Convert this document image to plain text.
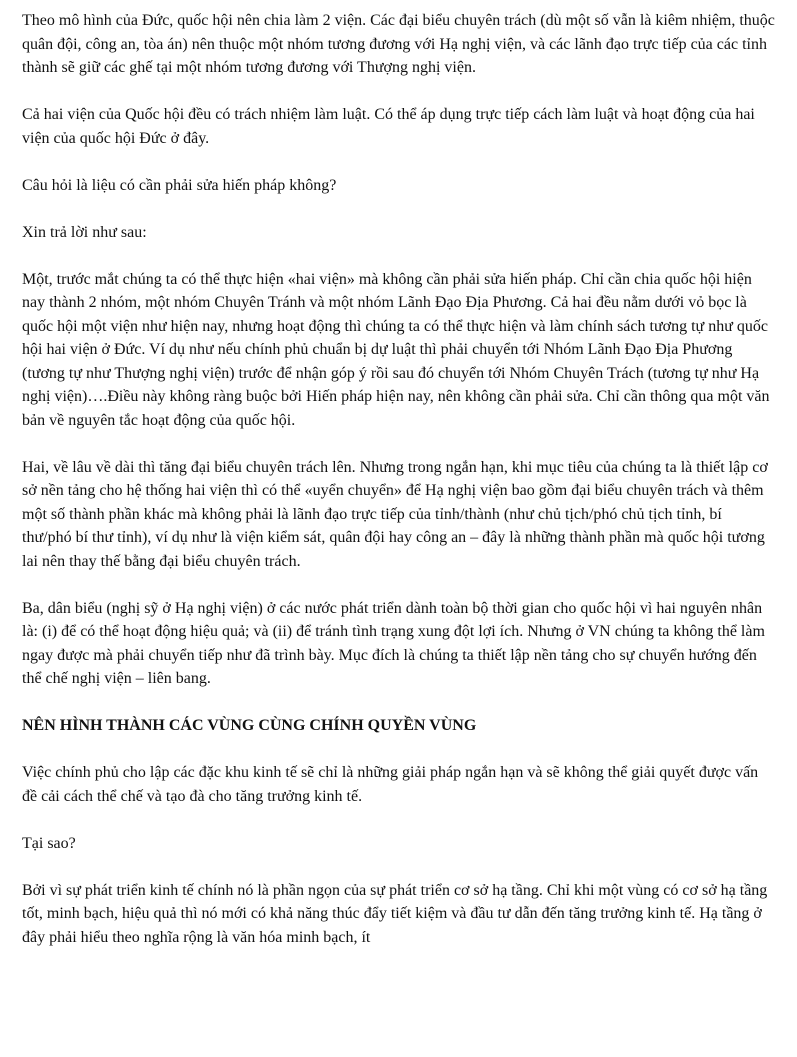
Theo mô hình của Đức, quốc hội nên chia làm 2 viện. Các đại biểu chuyên trách (dù một số vẫn là kiêm nhiệm, thuộc quân đội, công an, tòa án) nên thuộc một nhóm tương đương với Hạ nghị viện, và các lãnh đạo trực tiếp của các tỉnh thành sẽ giữ các ghế tại một nhóm tương đương với Thượng nghị viện.

Cả hai viện của Quốc hội đều có trách nhiệm làm luật. Có thể áp dụng trực tiếp cách làm luật và hoạt động của hai viện của quốc hội Đức ở đây.

Câu hỏi là liệu có cần phải sửa hiến pháp không?

Xin trả lời như sau:

Một, trước mắt chúng ta có thể thực hiện «hai viện» mà không cần phải sửa hiến pháp. Chỉ cần chia quốc hội hiện nay thành 2 nhóm, một nhóm Chuyên Tránh và một nhóm Lãnh Đạo Địa Phương. Cả hai đều nằm dưới vỏ bọc là quốc hội một viện như hiện nay, nhưng hoạt động thì chúng ta có thể thực hiện và làm chính sách tương tự như quốc hội hai viện ở Đức. Ví dụ như nếu chính phủ chuẩn bị dự luật thì phải chuyển tới Nhóm Lãnh Đạo Địa Phương (tương tự như Thượng nghị viện) trước để nhận góp ý rồi sau đó chuyển tới Nhóm Chuyên Trách (tương tự như Hạ nghị viện)….Điều này không ràng buộc bởi Hiến pháp hiện nay, nên không cần phải sửa. Chỉ cần thông qua một văn bản về nguyên tắc hoạt động của quốc hội.

Hai, về lâu về dài thì tăng đại biểu chuyên trách lên. Nhưng trong ngắn hạn, khi mục tiêu của chúng ta là thiết lập cơ sở nền tảng cho hệ thống hai viện thì có thể «uyển chuyển» để Hạ nghị viện bao gồm đại biểu chuyên trách và thêm một số thành phần khác mà không phải là lãnh đạo trực tiếp của tỉnh/thành (như chủ tịch/phó chủ tịch tỉnh, bí thư/phó bí thư tỉnh), ví dụ như là viện kiểm sát, quân đội hay công an – đây là những thành phần mà quốc hội tương lai nên thay thế bằng đại biểu chuyên trách.

Ba, dân biểu (nghị sỹ ở Hạ nghị viện) ở các nước phát triển dành toàn bộ thời gian cho quốc hội vì hai nguyên nhân là: (i) để có thể hoạt động hiệu quả; và (ii) để tránh tình trạng xung đột lợi ích. Nhưng ở VN chúng ta không thể làm ngay được mà phải chuyển tiếp như đã trình bày. Mục đích là chúng ta thiết lập nền tảng cho sự chuyển hướng đến thể chế nghị viện – liên bang.

NÊN HÌNH THÀNH CÁC VÙNG CÙNG CHÍNH QUYỀN VÙNG

Việc chính phủ cho lập các đặc khu kinh tế sẽ chỉ là những giải pháp ngắn hạn và sẽ không thể giải quyết được vấn đề cải cách thể chế và tạo đà cho tăng trưởng kinh tế.

Tại sao?

Bởi vì sự phát triển kinh tế chính nó là phần ngọn của sự phát triển cơ sở hạ tầng. Chỉ khi một vùng có cơ sở hạ tầng tốt, minh bạch, hiệu quả thì nó mới có khả năng thúc đẩy tiết kiệm và đầu tư dẫn đến tăng trưởng kinh tế. Hạ tầng ở đây phải hiểu theo nghĩa rộng là văn hóa minh bạch, ít
